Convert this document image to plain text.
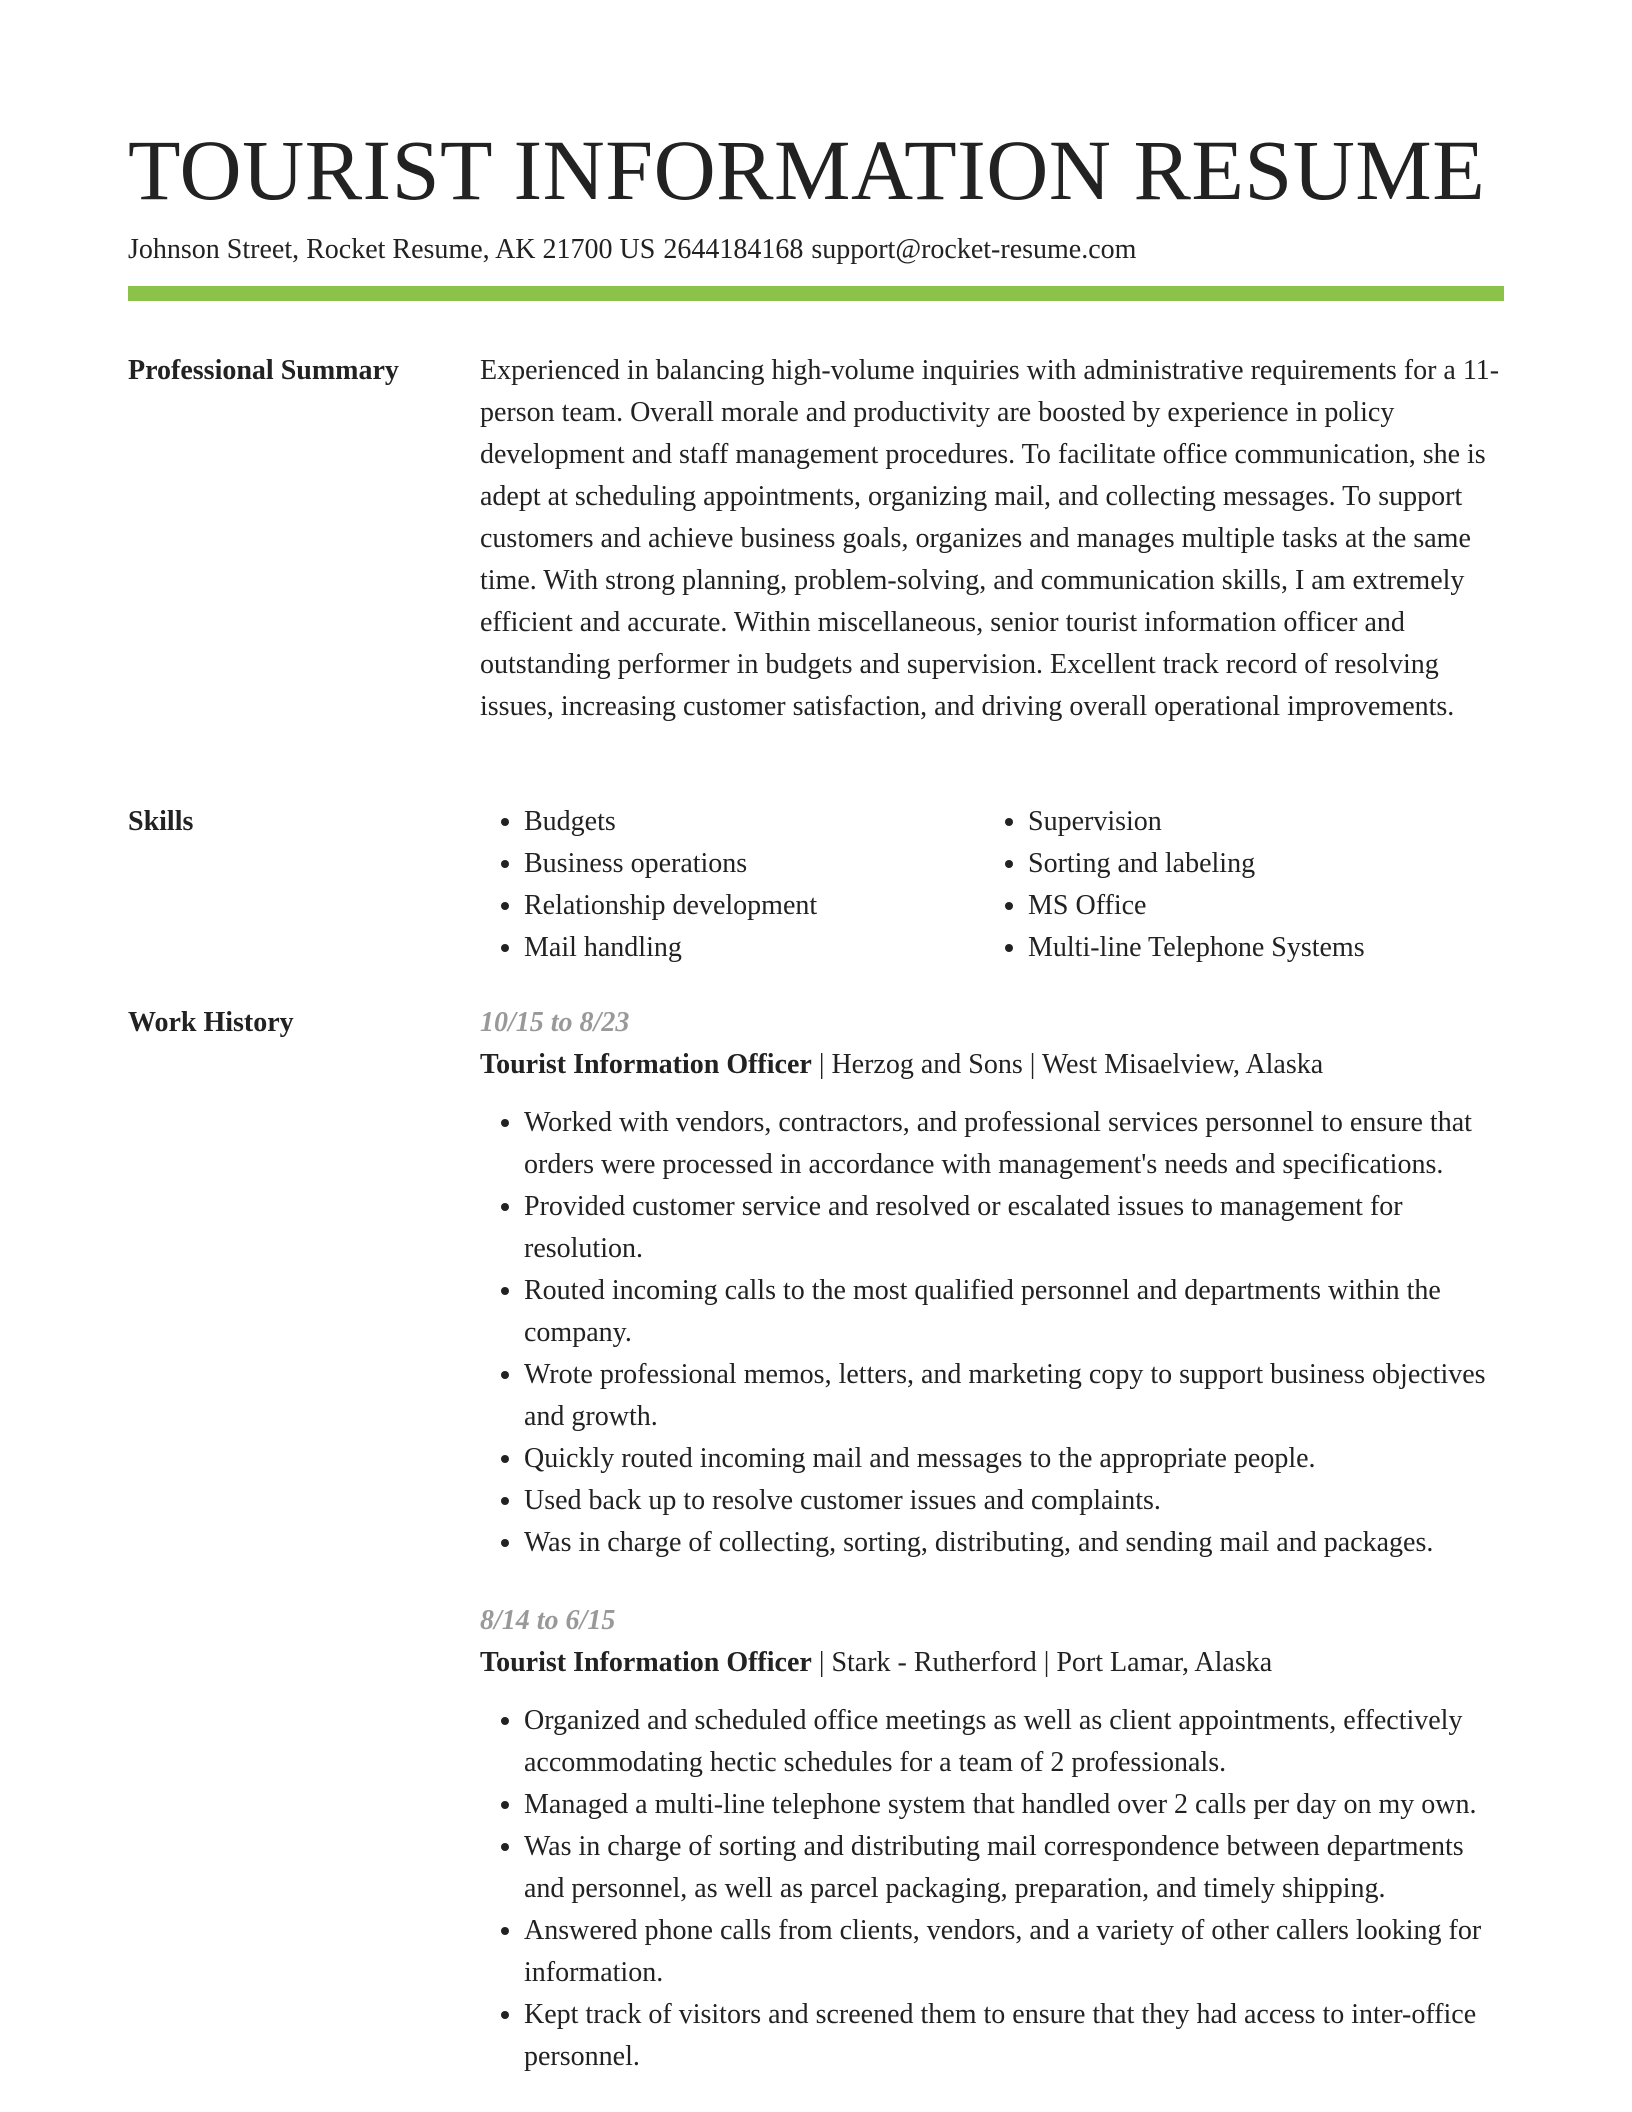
TOURIST INFORMATION RESUME
Johnson Street, Rocket Resume, AK 21700 US 2644184168 support@rocket-resume.com
Professional Summary	Experienced in balancing high-volume inquiries with administrative requirements for a 11-person team. Overall morale and productivity are boosted by experience in policy development and staff management procedures. To facilitate office communication, she is adept at scheduling appointments, organizing mail, and collecting messages. To support customers and achieve business goals, organizes and manages multiple tasks at the same time. With strong planning, problem-solving, and communication skills, I am extremely efficient and accurate. Within miscellaneous, senior tourist information officer and outstanding performer in budgets and supervision. Excellent track record of resolving issues, increasing customer satisfaction, and driving overall operational improvements.

Skills
•	Budgets
• Business operations
• Relationship development
• Mail handling
• Supervision
• Sorting and labeling
• MS Office
• Multi-line Telephone Systems
Work History	10/15 to 8/23
Tourist Information Officer | Herzog and Sons | West Misaelview, Alaska
• Worked with vendors, contractors, and professional services personnel to ensure that orders were processed in accordance with management's needs and specifications.
• Provided customer service and resolved or escalated issues to management for resolution.
• Routed incoming calls to the most qualified personnel and departments within the company.
• Wrote professional memos, letters, and marketing copy to support business objectives and growth.
• Quickly routed incoming mail and messages to the appropriate people.
• Used back up to resolve customer issues and complaints.
• Was in charge of collecting, sorting, distributing, and sending mail and packages.
8/14 to 6/15
Tourist Information Officer | Stark - Rutherford | Port Lamar, Alaska
• Organized and scheduled office meetings as well as client appointments, effectively accommodating hectic schedules for a team of 2 professionals.
• Managed a multi-line telephone system that handled over 2 calls per day on my own.
• Was in charge of sorting and distributing mail correspondence between departments and personnel, as well as parcel packaging, preparation, and timely shipping.
• Answered phone calls from clients, vendors, and a variety of other callers looking for information.
• Kept track of visitors and screened them to ensure that they had access to inter-office personnel.
